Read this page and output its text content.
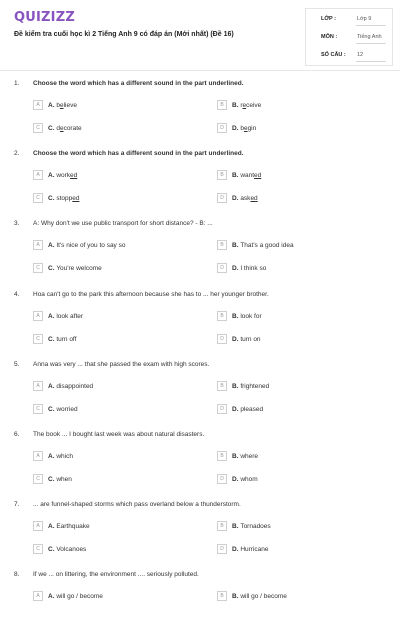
QUIZIZZ
Đề kiểm tra cuối học kì 2 Tiếng Anh 9 có đáp án (Mới nhất) (Đề 16)
LỚP :	Lớp 9
MÔN :	Tiếng Anh
SỐ CÂU : 12
1. Choose the word which has a different sound in the part underlined.
A	A. believe	B	B. receive
C	C. decorate	D	D. begin
2. Choose the word which has a different sound in the part underlined.
A	A. worked	B	B. wanted
C	C. stopped	D	D. asked
3. A: Why don't we use public transport for short distance? - B: ...
A	A. It's nice of you to say so	B	B. That's a good idea
C	C. You're welcome	D	D. I think so
4. Hoa can't go to the park this afternoon because she has to ... her younger brother.
A	A. look after	B	B. look for
C	C. turn off	D	D. turn on
5. Anna was very ... that she passed the exam with high scores.
A	A. disappointed	B	B. frightened
C	C. worried	D	D. pleased
6. The book ... I bought last week was about natural disasters.
A	A. which	B	B. where
C	C. when	D	D. whom
7. ... are funnel-shaped storms which pass overland below a thunderstorm.
A	A. Earthquake	B	B. Tornadoes
C	C. Volcanoes	D	D. Hurricane
8. If we ... on littering, the environment .... seriously polluted.
A	A. will go / become	B	B. will go / become
